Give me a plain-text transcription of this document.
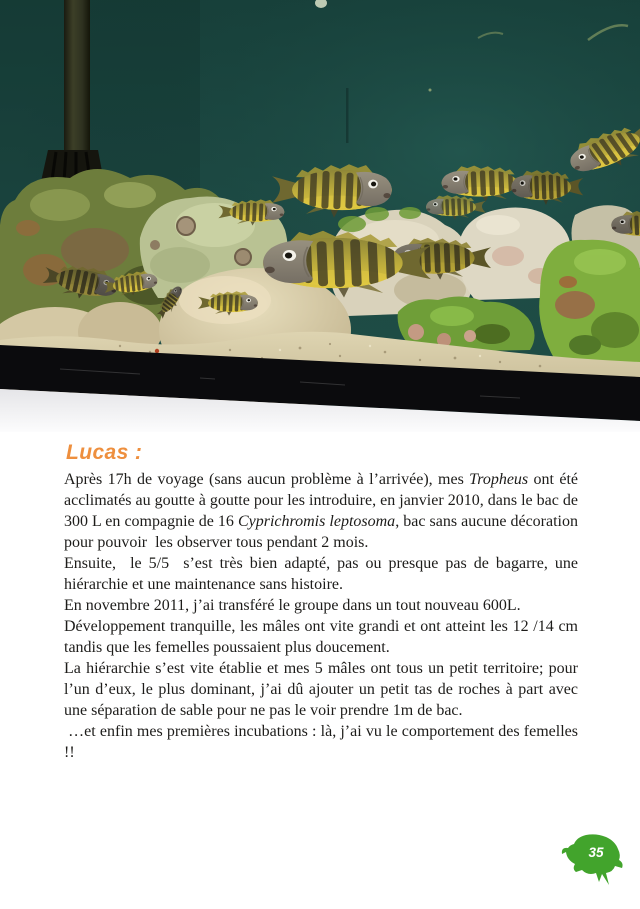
Lucas :

Après 17h de voyage (sans aucun problème à l’arrivée), mes Tropheus ont été acclimatés au goutte à goutte pour les introduire, en janvier 2010, dans le bac de 300 L en compagnie de 16 Cyprichromis leptosoma, bac sans aucune décoration pour pouvoir  les observer tous pendant 2 mois.

Ensuite,  le 5/5  s’est très bien adapté, pas ou presque pas de bagarre, une hiérarchie et une maintenance sans histoire.

En novembre 2011, j’ai transféré le groupe dans un tout nouveau 600L.

Développement tranquille, les mâles ont vite grandi et ont atteint les 12 /14 cm tandis que les femelles poussaient plus doucement.

La hiérarchie s’est vite établie et mes 5 mâles ont tous un petit territoire; pour l’un d’eux, le plus dominant, j’ai dû ajouter un petit tas de roches à part avec une séparation de sable pour ne pas le voir prendre 1m de bac.

…et enfin mes premières incubations : là, j’ai vu le comportement des femelles !!

35
